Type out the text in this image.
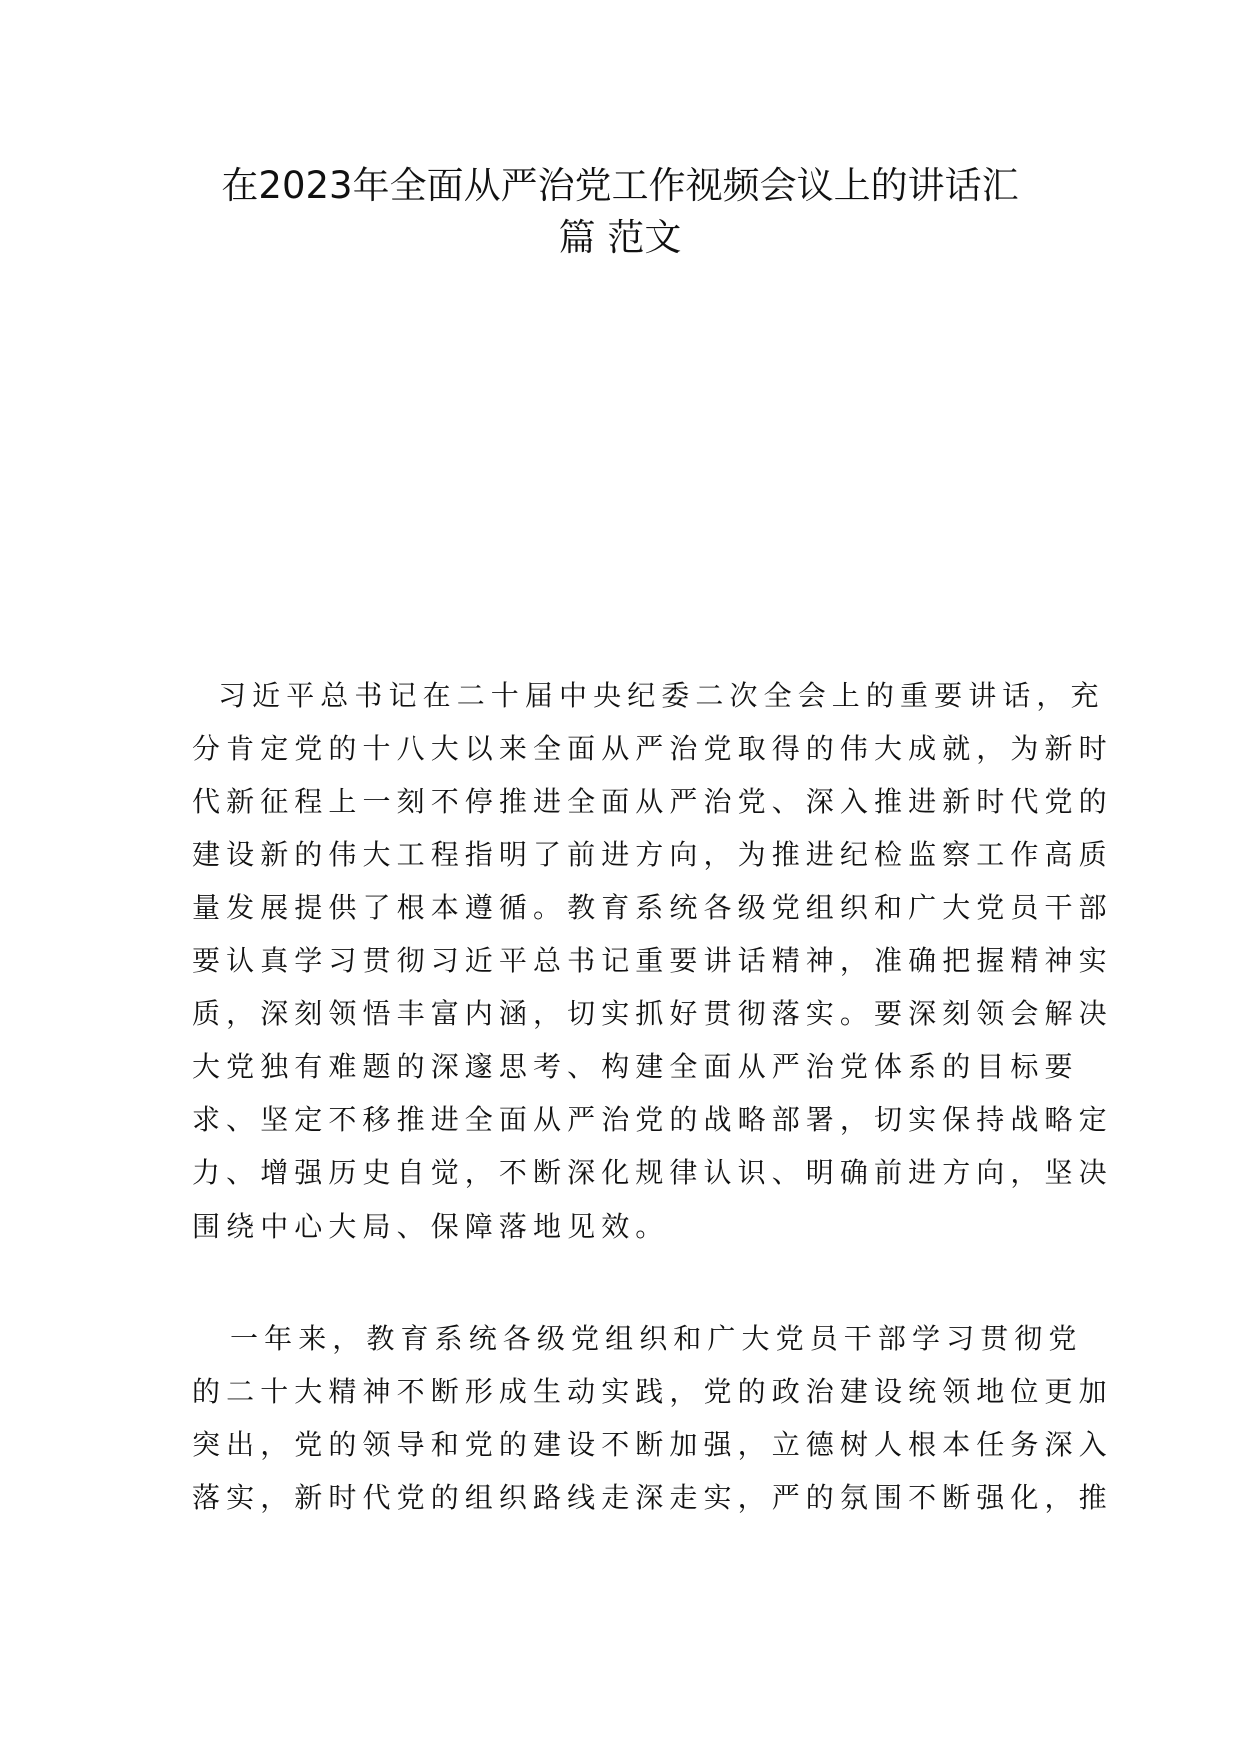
在2023年全面从严治党工作视频会议上的讲话汇
篇 范文
习近平总书记在二十届中央纪委二次全会上的重要讲话，充
分肯定党的十八大以来全面从严治党取得的伟大成就，为新时
代新征程上一刻不停推进全面从严治党、深入推进新时代党的
建设新的伟大工程指明了前进方向，为推进纪检监察工作高质
量发展提供了根本遵循。教育系统各级党组织和广大党员干部
要认真学习贯彻习近平总书记重要讲话精神，准确把握精神实
质，深刻领悟丰富内涵，切实抓好贯彻落实。要深刻领会解决
大党独有难题的深邃思考、构建全面从严治党体系的目标要
求、坚定不移推进全面从严治党的战略部署，切实保持战略定
力、增强历史自觉，不断深化规律认识、明确前进方向，坚决
围绕中心大局、保障落地见效。
一年来，教育系统各级党组织和广大党员干部学习贯彻党
的二十大精神不断形成生动实践，党的政治建设统领地位更加
突出，党的领导和党的建设不断加强，立德树人根本任务深入
落实，新时代党的组织路线走深走实，严的氛围不断强化，推
